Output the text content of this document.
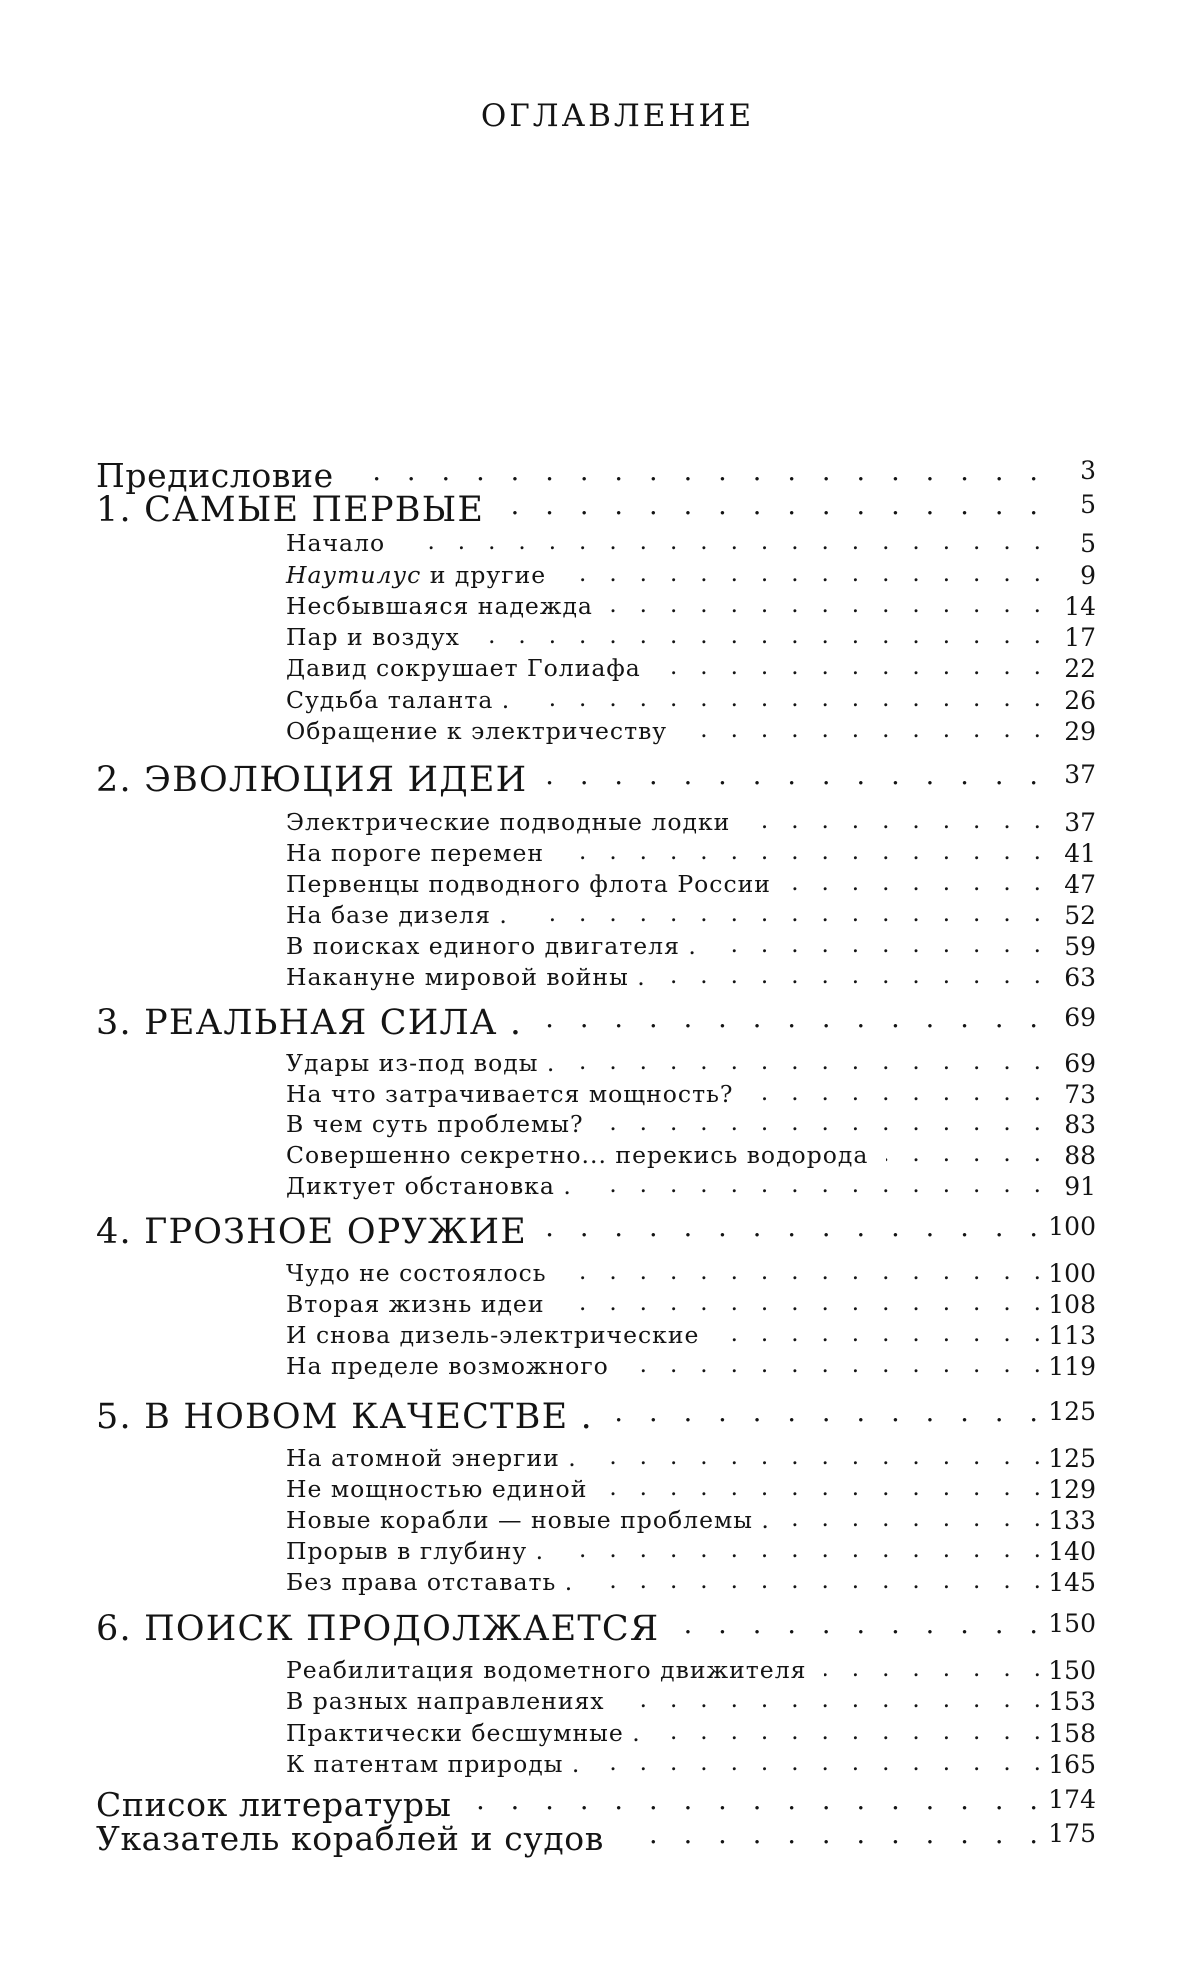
ОГЛАВЛЕНИЕ
Предисловие	3
....................
1. САМЫЕ ПЕРВЫЕ	5
................
Начало	5
......................
Наутилус и другие	9
................
Несбывшаяся надежда	14
...............
Пар и воздух	17
....................
Давид сокрушает Голиафа	22
.............
Судьба таланта .	26
.................
Обращение к электричеству	29
............
2. ЭВОЛЮЦИЯ ИДЕИ	37
...............
Электрические подводные лодки	37
..........
На пороге перемен	41
................
Первенцы подводного флота России	47
..........
На базе дизеля .	52
.................
В поисках единого двигателя .	59
...........
Накануне мировой войны .	63
.............
3. РЕАЛЬНАЯ СИЛА .	69
...............
Удары из-под воды .	69
................
На что затрачивается мощность?	73
..........
В чем суть проблемы?	83
...............
Совершенно секретно... перекись водорода	88
.....
Диктует обстановка .	91
...............
4. ГРОЗНОЕ ОРУЖИЕ	100
...............
Чудо не состоялось	100
................
Вторая жизнь идеи	108
................
И снова дизель-электрические	113
...........
На пределе возможного	119
..............
5. В НОВОМ КАЧЕСТВЕ .	125
.............
На атомной энергии .	125
...............
Не мощностью единой	129
...............
Новые корабли — новые проблемы .	133
..........
Прорыв в глубину .	140
................
Без права отставать .	145
...............
6. ПОИСК ПРОДОЛЖАЕТСЯ	150
...........
Реабилитация водометного движителя	150
........
В разных направлениях	153
...............
Практически бесшумные .	158
.............
К патентам природы .	165
...............
Список литературы	174
.................
Указатель кораблей и судов	175
............
